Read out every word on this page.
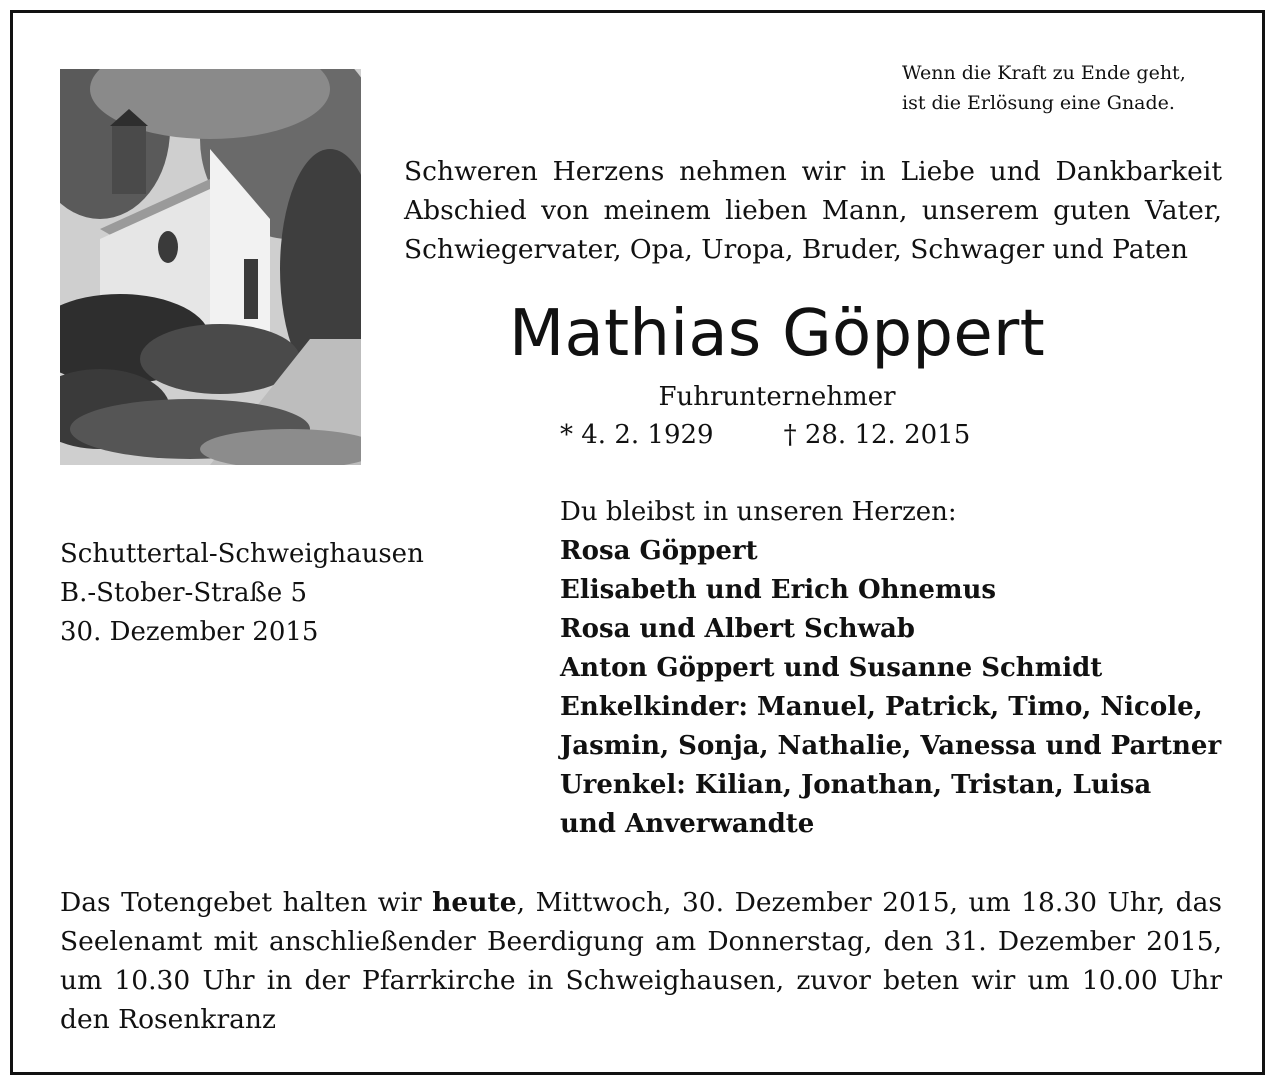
Wenn die Kraft zu Ende geht,
ist die Erlösung eine Gnade.

Schweren Herzens nehmen wir in Liebe und Dankbarkeit Abschied von meinem lieben Mann, unserem guten Vater, Schwiegervater, Opa, Uropa, Bruder, Schwager und Paten

Mathias Göppert
Fuhrunternehmer
* 4. 2. 1929	† 28. 12. 2015
Schuttertal-Schweighausen
B.-Stober-Straße 5
30. Dezember 2015
Du bleibst in unseren Herzen:
Rosa Göppert
Elisabeth und Erich Ohnemus
Rosa und Albert Schwab
Anton Göppert und Susanne Schmidt
Enkelkinder: Manuel, Patrick, Timo, Nicole,
Jasmin, Sonja, Nathalie, Vanessa und Partner
Urenkel: Kilian, Jonathan, Tristan, Luisa
und Anverwandte

Das Totengebet halten wir heute, Mittwoch, 30. Dezember 2015, um 18.30 Uhr, das Seelenamt mit anschließender Beerdigung am Donnerstag, den 31. Dezember 2015, um 10.30 Uhr in der Pfarrkirche in Schweighausen, zuvor beten wir um 10.00 Uhr den Rosenkranz
